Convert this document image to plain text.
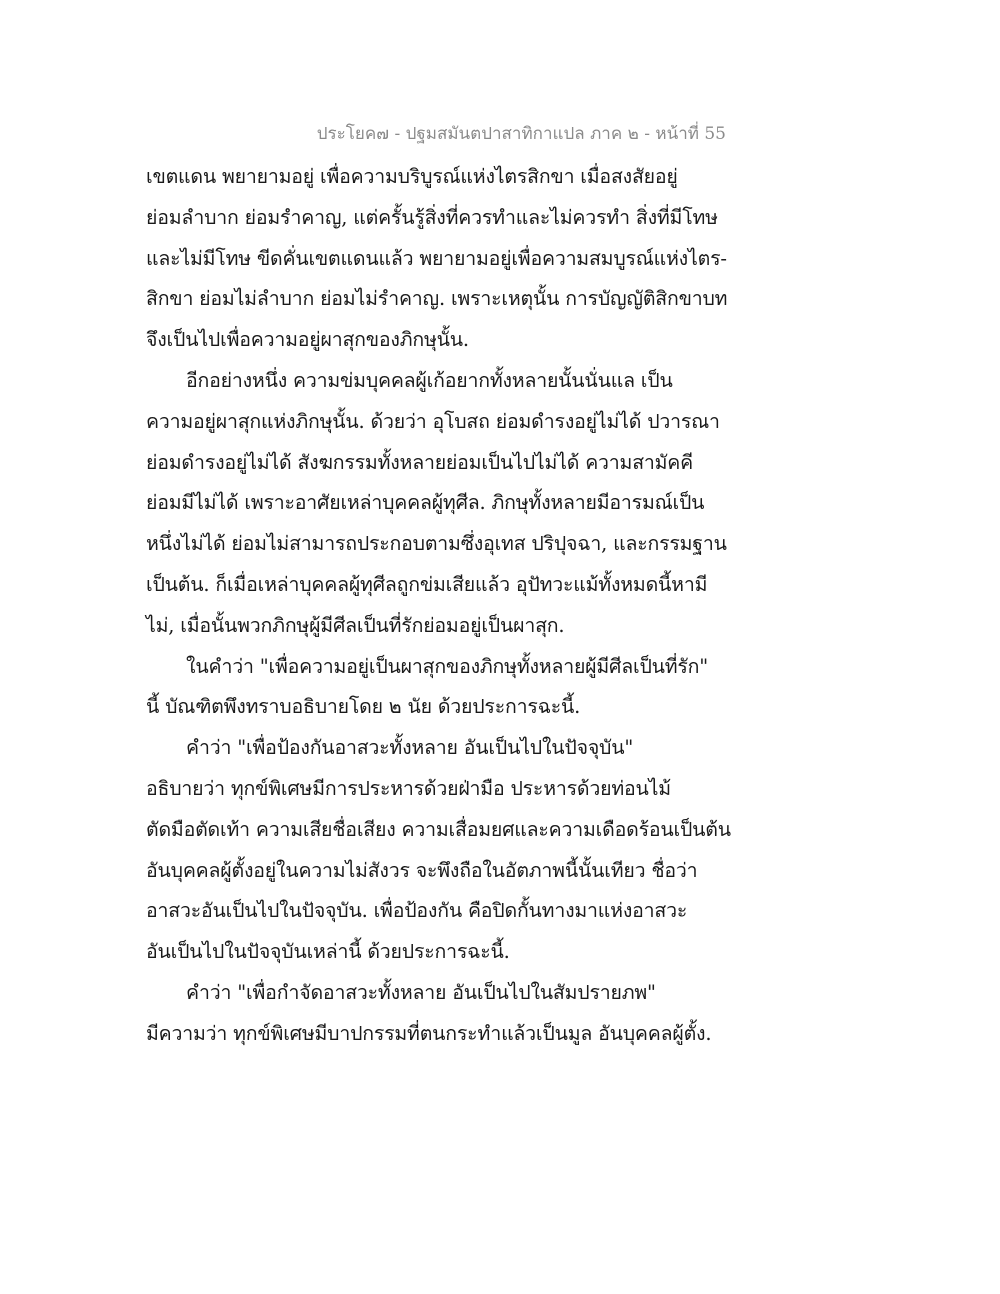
ประโยค๗ - ปฐมสมันตปาสาทิกาแปล ภาค ๒ - หน้าที่ 55
เขตแดน พยายามอยู่ เพื่อความบริบูรณ์แห่งไตรสิกขา เมื่อสงสัยอยู่
ย่อมลำบาก ย่อมรำคาญ, แต่ครั้นรู้สิ่งที่ควรทำและไม่ควรทำ สิ่งที่มีโทษ
และไม่มีโทษ ขีดคั่นเขตแดนแล้ว พยายามอยู่เพื่อความสมบูรณ์แห่งไตร-
สิกขา ย่อมไม่ลำบาก ย่อมไม่รำคาญ. เพราะเหตุนั้น การบัญญัติสิกขาบท
จึงเป็นไปเพื่อความอยู่ผาสุกของภิกษุนั้น.
อีกอย่างหนึ่ง ความข่มบุคคลผู้เก้อยากทั้งหลายนั้นนั่นแล เป็น
ความอยู่ผาสุกแห่งภิกษุนั้น. ด้วยว่า อุโบสถ ย่อมดำรงอยู่ไม่ได้ ปวารณา
ย่อมดำรงอยู่ไม่ได้ สังฆกรรมทั้งหลายย่อมเป็นไปไม่ได้ ความสามัคคี
ย่อมมีไม่ได้ เพราะอาศัยเหล่าบุคคลผู้ทุศีล. ภิกษุทั้งหลายมีอารมณ์เป็น
หนึ่งไม่ได้ ย่อมไม่สามารถประกอบตามซึ่งอุเทส ปริปุจฉา, และกรรมฐาน
เป็นต้น. ก็เมื่อเหล่าบุคคลผู้ทุศีลถูกข่มเสียแล้ว อุปัทวะแม้ทั้งหมดนี้หามี
ไม่, เมื่อนั้นพวกภิกษุผู้มีศีลเป็นที่รักย่อมอยู่เป็นผาสุก.
ในคำว่า "เพื่อความอยู่เป็นผาสุกของภิกษุทั้งหลายผู้มีศีลเป็นที่รัก"
นี้ บัณฑิตพึงทราบอธิบายโดย ๒ นัย ด้วยประการฉะนี้.
คำว่า "เพื่อป้องกันอาสวะทั้งหลาย อันเป็นไปในปัจจุบัน"
อธิบายว่า ทุกข์พิเศษมีการประหารด้วยฝ่ามือ ประหารด้วยท่อนไม้
ตัดมือตัดเท้า ความเสียชื่อเสียง ความเสื่อมยศและความเดือดร้อนเป็นต้น
อันบุคคลผู้ตั้งอยู่ในความไม่สังวร จะพึงถือในอัตภาพนี้นั้นเทียว ชื่อว่า
อาสวะอันเป็นไปในปัจจุบัน. เพื่อป้องกัน คือปิดกั้นทางมาแห่งอาสวะ
อันเป็นไปในปัจจุบันเหล่านี้ ด้วยประการฉะนี้.
คำว่า "เพื่อกำจัดอาสวะทั้งหลาย อันเป็นไปในสัมปรายภพ"
มีความว่า ทุกข์พิเศษมีบาปกรรมที่ตนกระทำแล้วเป็นมูล อันบุคคลผู้ตั้ง.
